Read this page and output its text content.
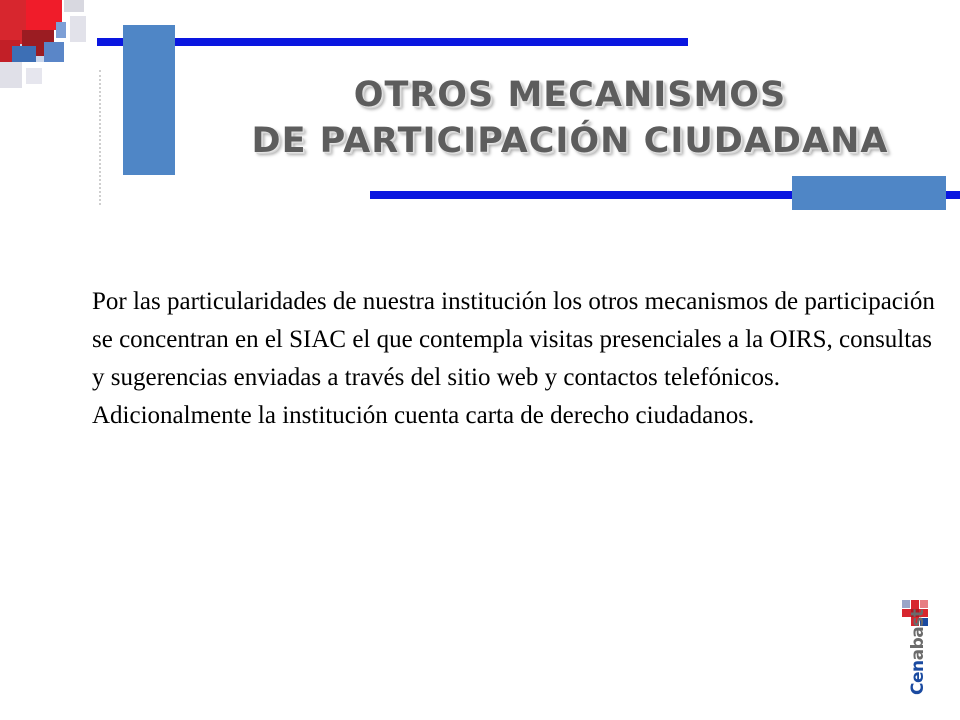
OTROS MECANISMOS
DE PARTICIPACIÓN CIUDADANA

Por las particularidades de nuestra institución los otros mecanismos de participación se concentran en el SIAC el que contempla visitas presenciales a la OIRS, consultas y sugerencias enviadas a través del sitio web y contactos telefónicos. Adicionalmente la institución cuenta carta de derecho ciudadanos.

Cenabast
